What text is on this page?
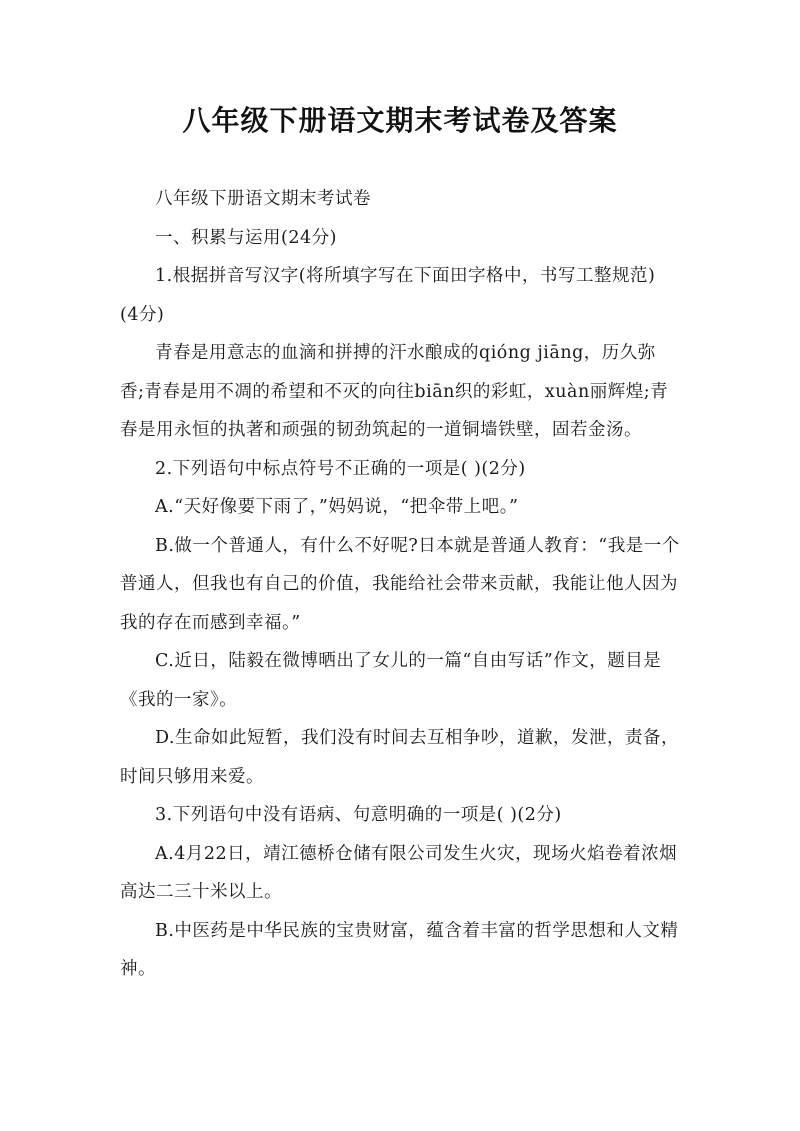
八年级下册语文期末考试卷及答案

八年级下册语文期末考试卷

一、积累与运用(24分)

1.根据拼音写汉字(将所填字写在下面田字格中，书写工整规范) (4分)

青春是用意志的血滴和拼搏的汗水酿成的qióng jiāng，历久弥香;青春是用不凋的希望和不灭的向往biān织的彩虹，xuàn丽辉煌;青春是用永恒的执著和顽强的韧劲筑起的一道铜墙铁壁，固若金汤。

2.下列语句中标点符号不正确的一项是( )(2分)

A.“天好像要下雨了，”妈妈说，“把伞带上吧。”

B.做一个普通人，有什么不好呢?日本就是普通人教育：“我是一个普通人，但我也有自己的价值，我能给社会带来贡献，我能让他人因为我的存在而感到幸福。”

C.近日，陆毅在微博晒出了女儿的一篇“自由写话”作文，题目是《我的一家》。

D.生命如此短暂，我们没有时间去互相争吵，道歉，发泄，责备，时间只够用来爱。

3.下列语句中没有语病、句意明确的一项是( )(2分)

A.4月22日，靖江德桥仓储有限公司发生火灾，现场火焰卷着浓烟高达二三十米以上。

B.中医药是中华民族的宝贵财富，蕴含着丰富的哲学思想和人文精神。
